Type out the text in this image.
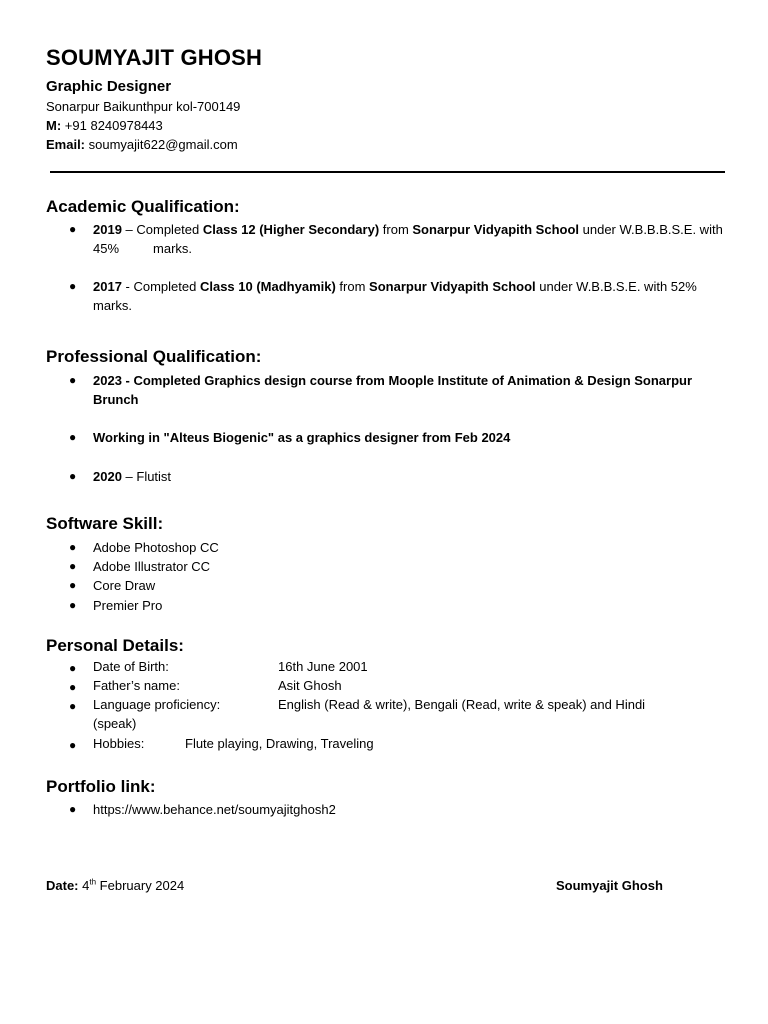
SOUMYAJIT GHOSH
Graphic Designer
Sonarpur Baikunthpur kol-700149
M: +91 8240978443
Email: soumyajit622@gmail.com
Academic Qualification:
● 2019 – Completed Class 12 (Higher Secondary) from Sonarpur Vidyapith School under W.B.B.B.S.E. with 45%	marks.
● 2017 - Completed Class 10 (Madhyamik) from Sonarpur Vidyapith School under W.B.B.S.E. with 52% marks.
Professional Qualification:
● 2023 - Completed Graphics design course from Moople Institute of Animation & Design Sonarpur Brunch
● Working in "Alteus Biogenic" as a graphics designer from Feb 2024
● 2020 – Flutist
Software Skill:
● Adobe Photoshop CC
● Adobe Illustrator CC
● Core Draw
● Premier Pro
Personal Details:
● Date of Birth:	16th June 2001
● Father’s name:	Asit Ghosh
● Language proficiency:	English (Read & write), Bengali (Read, write & speak) and Hindi
(speak)
● Hobbies:	Flute playing, Drawing, Traveling
Portfolio link:
● https://www.behance.net/soumyajitghosh2
Date: 4th February 2024	Soumyajit Ghosh
